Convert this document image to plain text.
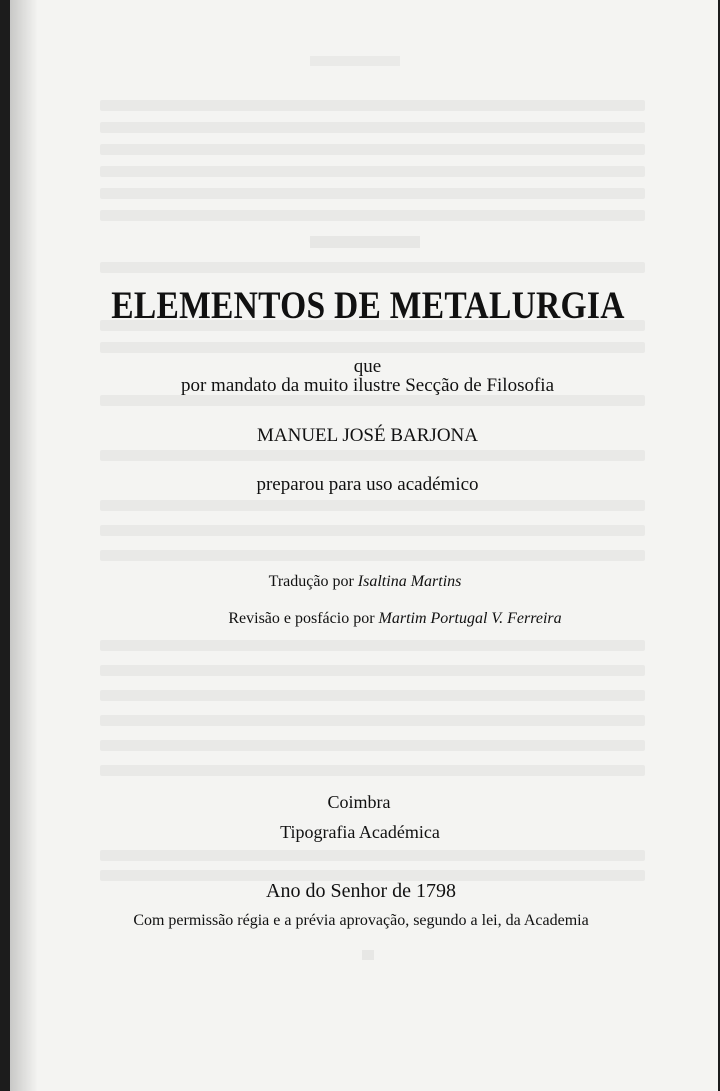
ELEMENTOS DE METALURGIA
que
por mandato da muito ilustre Secção de Filosofia
MANUEL JOSÉ BARJONA
preparou para uso académico
Tradução por Isaltina Martins
Revisão e posfácio por Martim Portugal V. Ferreira
Coimbra
Tipografia Académica
Ano do Senhor de 1798
Com permissão régia e a prévia aprovação, segundo a lei, da Academia
